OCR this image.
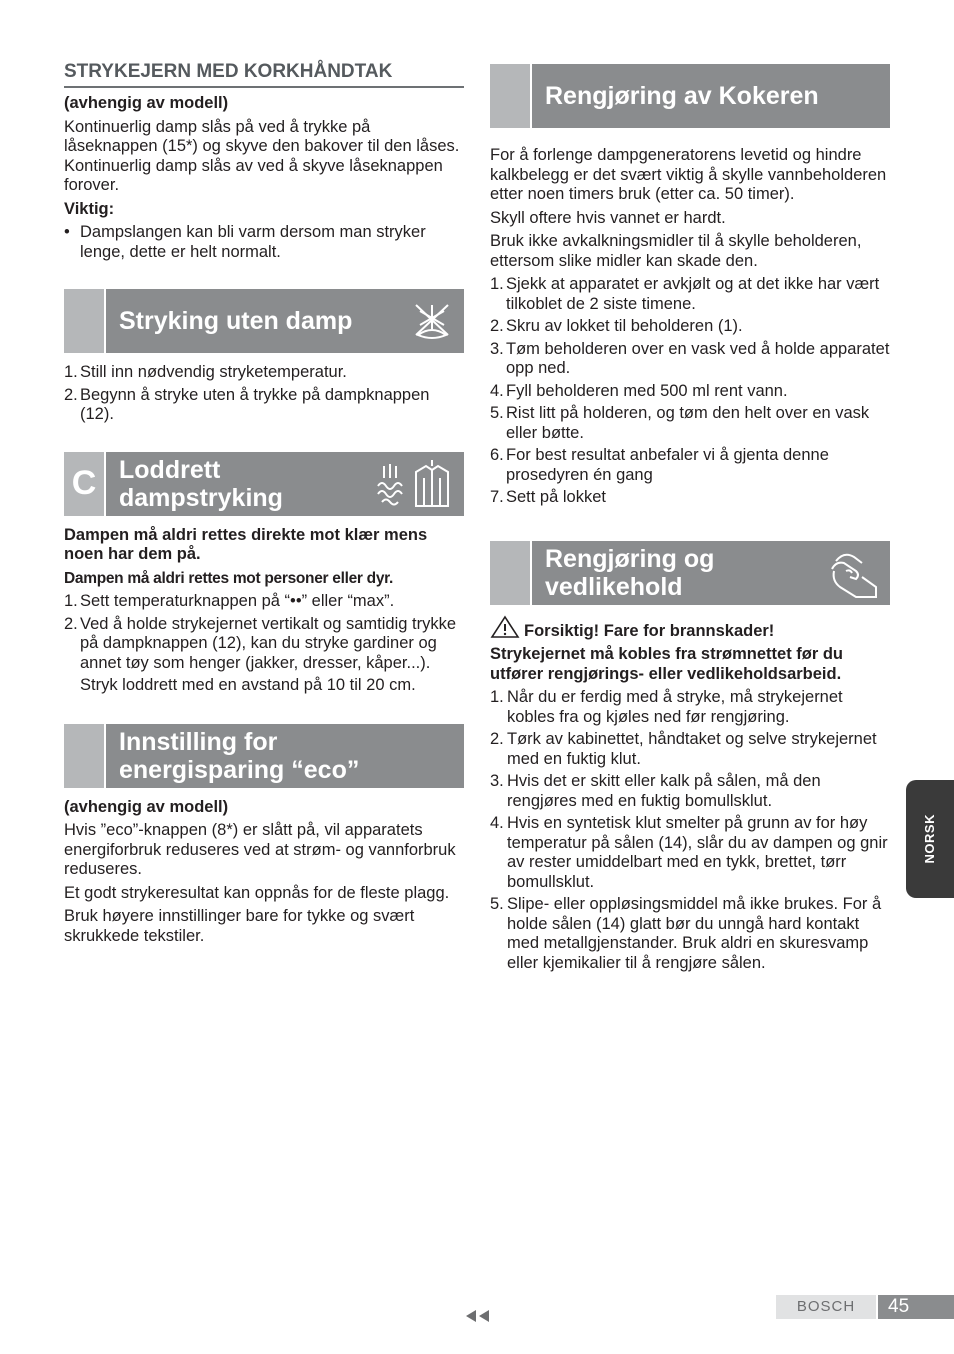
STRYKEJERN MED KORKHÅNDTAK

(avhengig av modell)

Kontinuerlig damp slås på ved å trykke på låseknappen (15*) og skyve den bakover til den låses. Kontinuerlig damp slås av ved å skyve låseknappen forover.

Viktig:

• Dampslangen kan bli varm dersom man stryker lenge, dette er helt normalt.
Stryking uten damp
1. Still inn nødvendig stryketemperatur.
2. Begynn å stryke uten å trykke på dampknappen (12).
C Loddrett
dampstryking

Dampen må aldri rettes direkte mot klær mens noen har dem på.

Dampen må aldri rettes mot personer eller dyr.

1. Sett temperaturknappen på “••” eller “max”.
2. Ved å holde strykejernet vertikalt og samtidig trykke på dampknappen (12), kan du stryke gardiner og annet tøy som henger (jakker, dresser, kåper...).

Stryk loddrett med en avstand på 10 til 20 cm.

Innstilling for
energisparing “eco”

(avhengig av modell)

Hvis ”eco”-knappen (8*) er slått på, vil apparatets energiforbruk reduseres ved at strøm- og vannforbruk reduseres.

Et godt strykeresultat kan oppnås for de fleste plagg.

Bruk høyere innstillinger bare for tykke og svært skrukkede tekstiler.

Rengjøring av Kokeren

For å forlenge dampgeneratorens levetid og hindre kalkbelegg er det svært viktig å skylle vannbeholderen etter noen timers bruk (etter ca. 50 timer).

Skyll oftere hvis vannet er hardt.

Bruk ikke avkalkningsmidler til å skylle beholderen, ettersom slike midler kan skade den.

1. Sjekk at apparatet er avkjølt og at det ikke har vært tilkoblet de 2 siste timene.
2. Skru av lokket til beholderen (1).
3. Tøm beholderen over en vask ved å holde apparatet opp ned.
4. Fyll beholderen med 500 ml rent vann.
5. Rist litt på holderen, og tøm den helt over en vask eller bøtte.
6. For best resultat anbefaler vi å gjenta denne prosedyren én gang
7. Sett på lokket
Rengjøring og
vedlikehold

Forsiktig! Fare for brannskader!

Strykejernet må kobles fra strømnettet før du utfører rengjørings- eller vedlikeholdsarbeid.

1. Når du er ferdig med å stryke, må strykejernet kobles fra og kjøles ned før rengjøring.
2. Tørk av kabinettet, håndtaket og selve strykejernet med en fuktig klut.
3. Hvis det er skitt eller kalk på sålen, må den rengjøres med en fuktig bomullsklut.
4. Hvis en syntetisk klut smelter på grunn av for høy temperatur på sålen (14), slår du av dampen og gnir av rester umiddelbart med en tykk, brettet, tørr bomullsklut.
5. Slipe- eller oppløsingsmiddel må ikke brukes. For å holde sålen (14) glatt bør du unngå hard kontakt med metallgjenstander. Bruk aldri en skuresvamp eller kjemikalier til å rengjøre sålen.
NORSK
BOSCH	45
